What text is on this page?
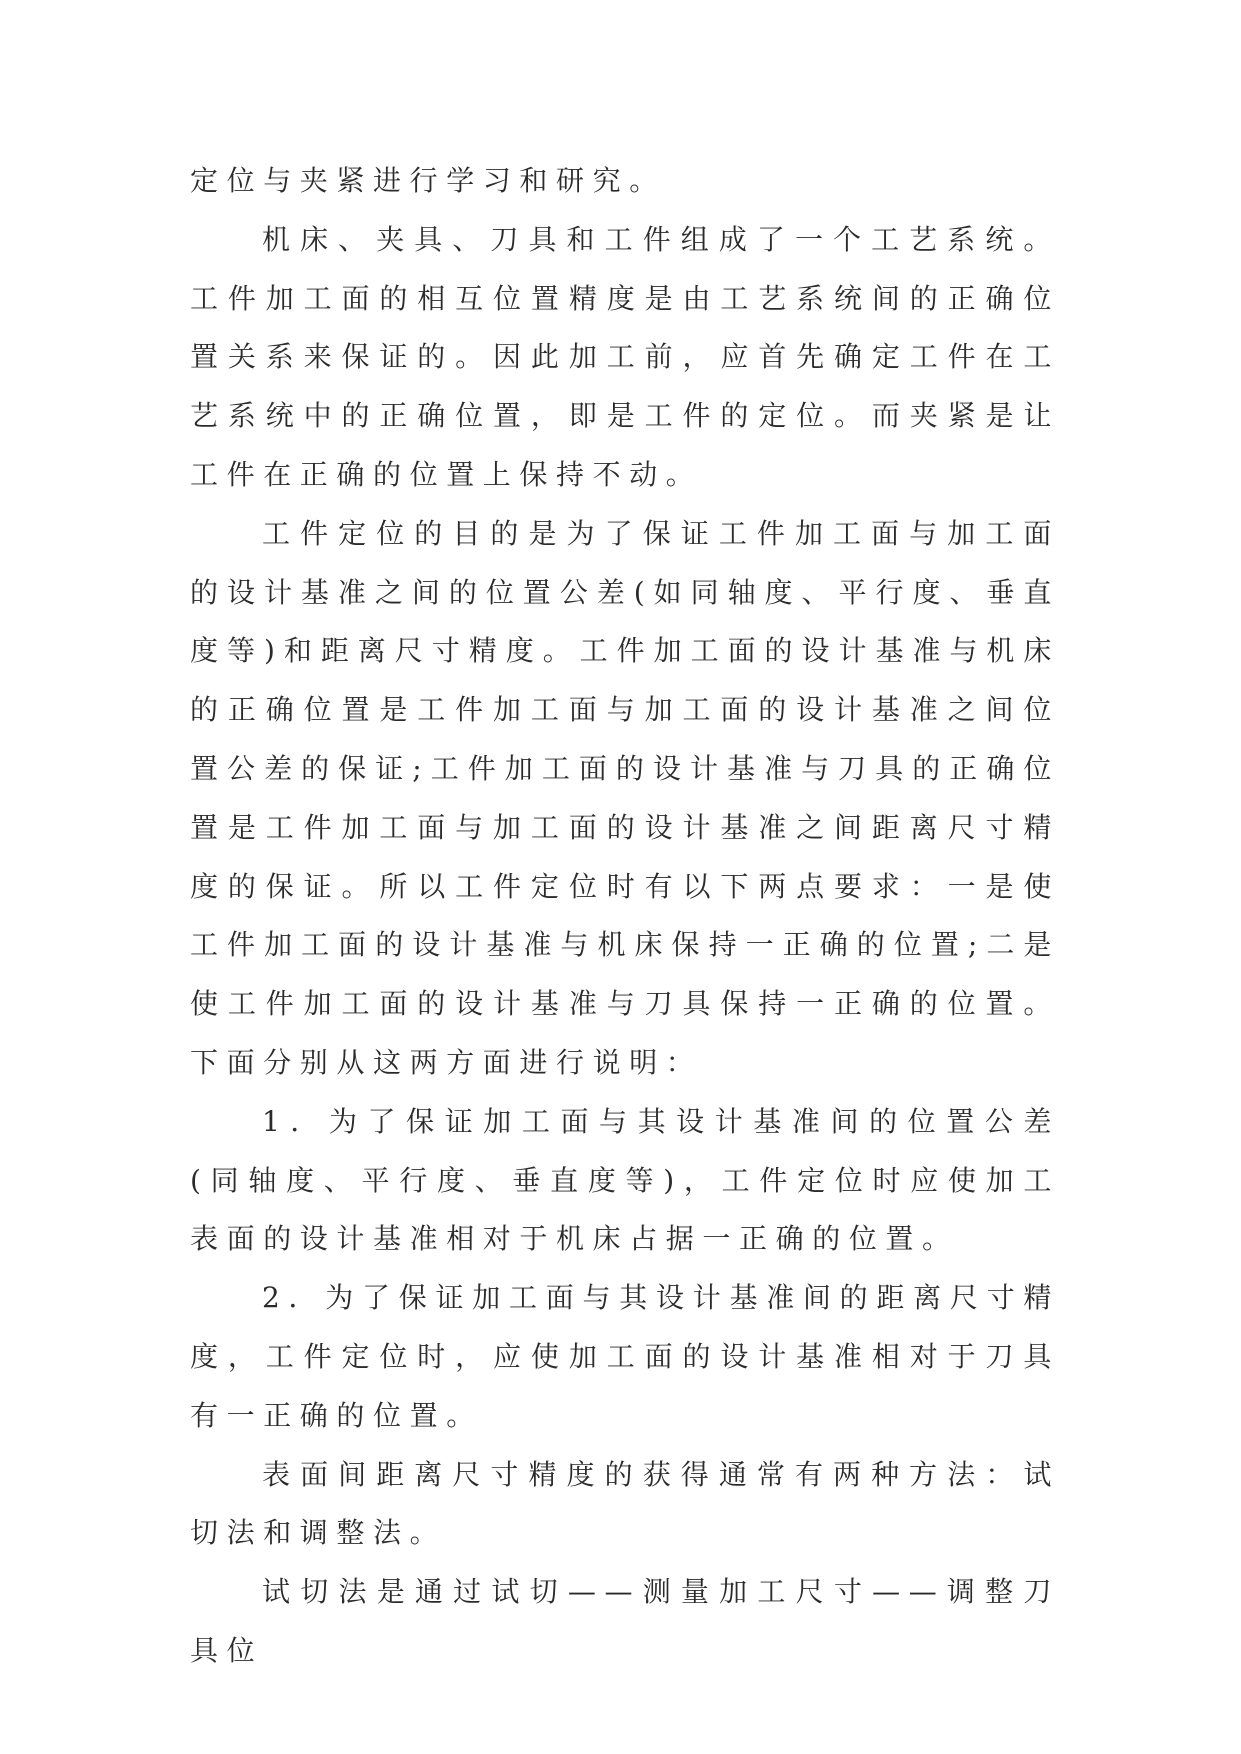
定位与夹紧进行学习和研究。

机床、夹具、刀具和工件组成了一个工艺系统。工件加工面的相互位置精度是由工艺系统间的正确位置关系来保证的。因此加工前，应首先确定工件在工艺系统中的正确位置，即是工件的定位。而夹紧是让工件在正确的位置上保持不动。

工件定位的目的是为了保证工件加工面与加工面的设计基准之间的位置公差(如同轴度、平行度、垂直度等)和距离尺寸精度。工件加工面的设计基准与机床的正确位置是工件加工面与加工面的设计基准之间位置公差的保证;工件加工面的设计基准与刀具的正确位置是工件加工面与加工面的设计基准之间距离尺寸精度的保证。所以工件定位时有以下两点要求：一是使工件加工面的设计基准与机床保持一正确的位置;二是使工件加工面的设计基准与刀具保持一正确的位置。下面分别从这两方面进行说明：

1．为了保证加工面与其设计基准间的位置公差(同轴度、平行度、垂直度等)，工件定位时应使加工表面的设计基准相对于机床占据一正确的位置。

2．为了保证加工面与其设计基准间的距离尺寸精度，工件定位时，应使加工面的设计基准相对于刀具有一正确的位置。

表面间距离尺寸精度的获得通常有两种方法：试切法和调整法。

试切法是通过试切——测量加工尺寸——调整刀具位
